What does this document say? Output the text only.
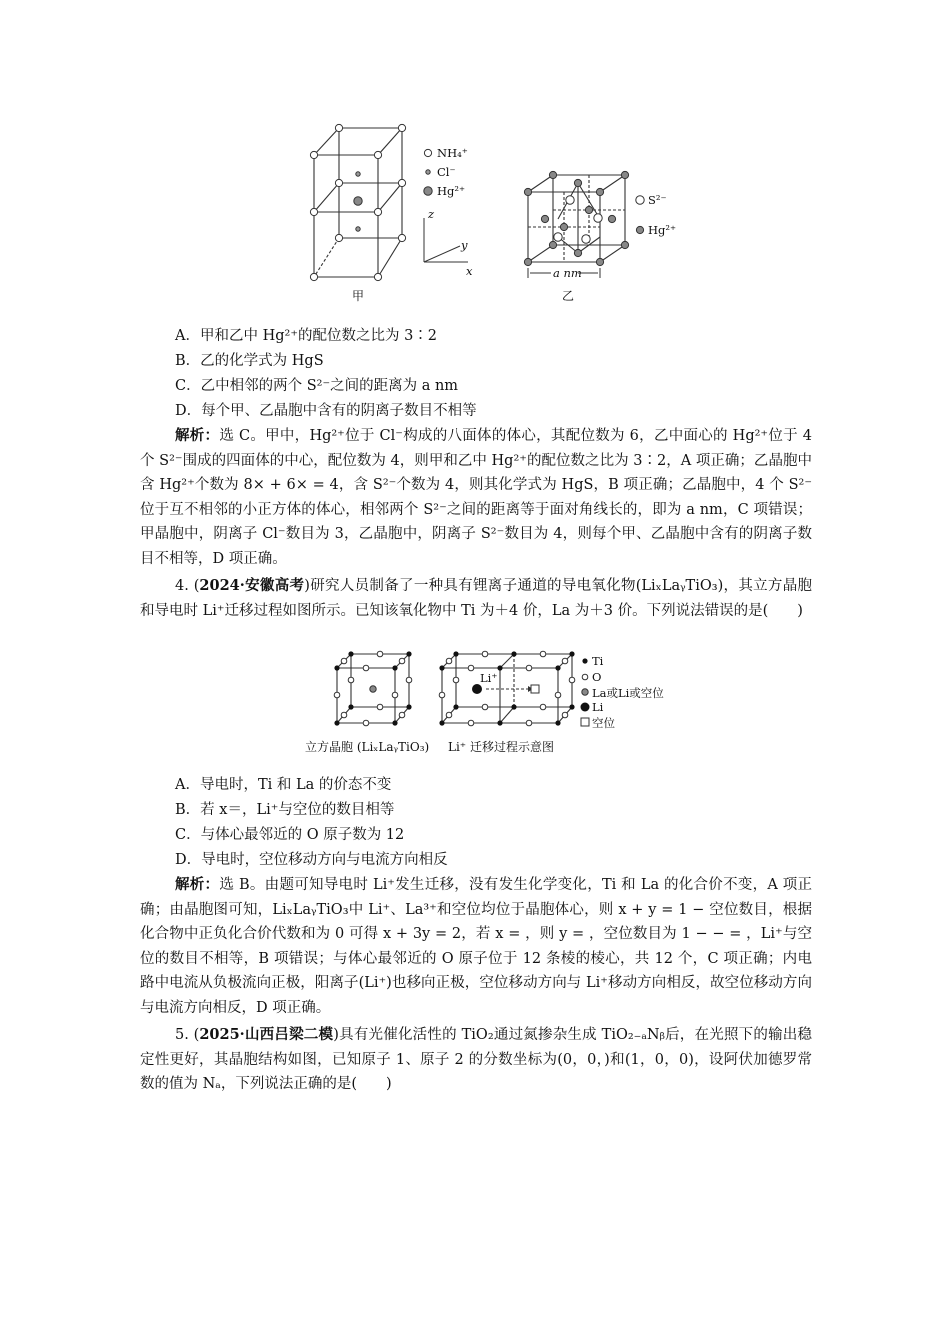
NH₄⁺
Cl⁻
Hg²⁺
z
y
x
甲
a nm
S²⁻
Hg²⁺
乙
A．甲和乙中 Hg²⁺的配位数之比为 3∶2
B．乙的化学式为 HgS
C．乙中相邻的两个 S²⁻之间的距离为 a nm
D．每个甲、乙晶胞中含有的阴离子数目不相等
解析：选 C。甲中，Hg²⁺位于 Cl⁻构成的八面体的体心，其配位数为 6，乙中面心的 Hg²⁺位于 4 个 S²⁻围成的四面体的中心，配位数为 4，则甲和乙中 Hg²⁺的配位数之比为 3∶2，A 项正确；乙晶胞中含 Hg²⁺个数为 8× + 6× = 4，含 S²⁻个数为 4，则其化学式为 HgS，B 项正确；乙晶胞中，4 个 S²⁻位于互不相邻的小正方体的体心，相邻两个 S²⁻之间的距离等于面对角线长的，即为 a nm，C 项错误；甲晶胞中，阴离子 Cl⁻数目为 3，乙晶胞中，阴离子 S²⁻数目为 4，则每个甲、乙晶胞中含有的阴离子数目不相等，D 项正确。
4. (2024·安徽高考)研究人员制备了一种具有锂离子通道的导电氧化物(LiₓLaᵧTiO₃)，其立方晶胞和导电时 Li⁺迁移过程如图所示。已知该氧化物中 Ti 为＋4 价，La 为＋3 价。下列说法错误的是(　　)
Li⁺
Ti
O
La或Li或空位
Li
空位
立方晶胞 (LiₓLaᵧTiO₃) Li⁺ 迁移过程示意图
A．导电时，Ti 和 La 的价态不变
B．若 x＝，Li⁺与空位的数目相等
C．与体心最邻近的 O 原子数为 12
D．导电时，空位移动方向与电流方向相反
解析：选 B。由题可知导电时 Li⁺发生迁移，没有发生化学变化，Ti 和 La 的化合价不变，A 项正确；由晶胞图可知，LiₓLaᵧTiO₃中 Li⁺、La³⁺和空位均位于晶胞体心，则 x + y = 1 − 空位数目，根据化合物中正负化合价代数和为 0 可得 x + 3y = 2，若 x = ，则 y = ，空位数目为 1 − − = ，Li⁺与空位的数目不相等，B 项错误；与体心最邻近的 O 原子位于 12 条棱的棱心，共 12 个，C 项正确；内电路中电流从负极流向正极，阳离子(Li⁺)也移向正极，空位移动方向与 Li⁺移动方向相反，故空位移动方向与电流方向相反，D 项正确。
5. (2025·山西吕梁二模)具有光催化活性的 TiO₂通过氮掺杂生成 TiO₂₋ₐNᵦ后，在光照下的输出稳定性更好，其晶胞结构如图，已知原子 1、原子 2 的分数坐标为(0，0，)和(1，0，0)，设阿伏加德罗常数的值为 Nₐ，下列说法正确的是(　　)
